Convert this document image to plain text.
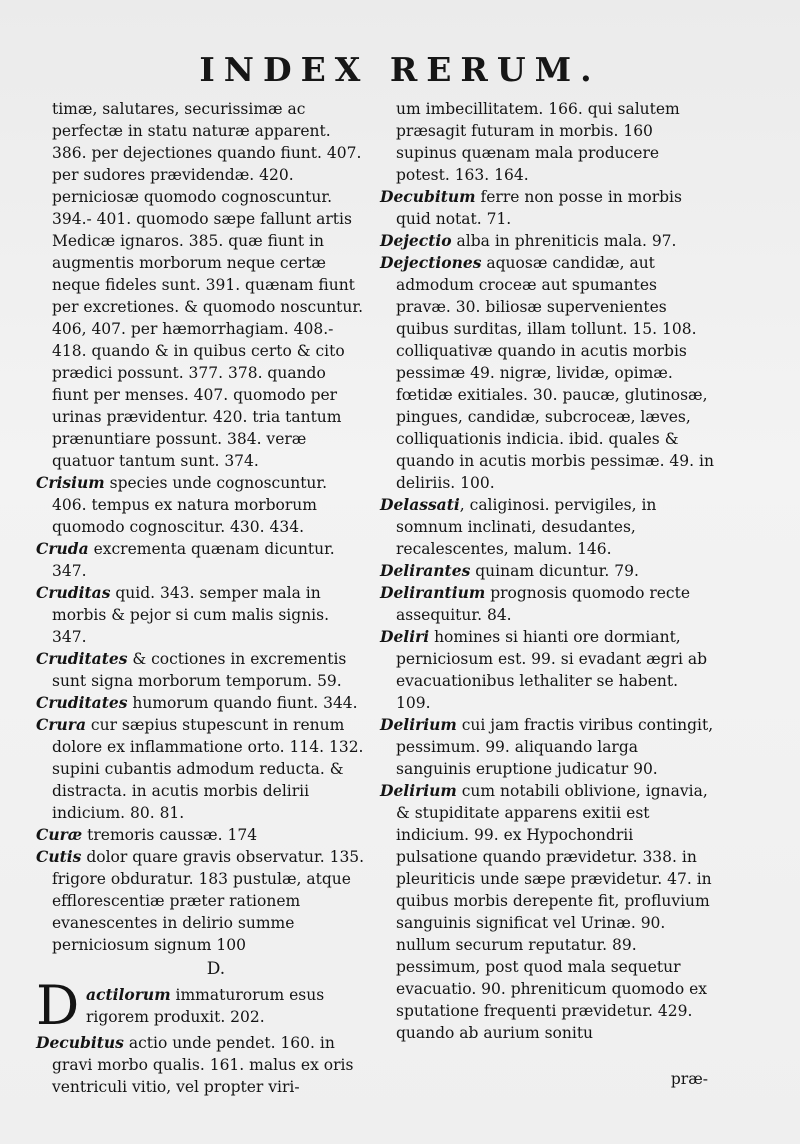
INDEX RERUM.

timæ, salutares, securissimæ ac perfectæ in statu naturæ apparent. 386. per dejectiones quando fiunt. 407. per sudores prævidendæ. 420. perniciosæ quomodo cognoscuntur. 394.- 401. quomodo sæpe fallunt artis Medicæ ignaros. 385. quæ fiunt in augmentis morborum neque certæ neque fideles sunt. 391. quænam fiunt per excretiones. & quomodo noscuntur. 406, 407. per hæmorrhagiam. 408.- 418. quando & in quibus certo & cito prædici possunt. 377. 378. quando fiunt per menses. 407. quomodo per urinas prævidentur. 420. tria tantum prænuntiare possunt. 384. veræ quatuor tantum sunt. 374.

Crisium species unde cognoscuntur. 406. tempus ex natura morborum quomodo cognoscitur. 430. 434.

Cruda excrementa quænam dicuntur. 347.

Cruditas quid. 343. semper mala in morbis & pejor si cum malis signis. 347.

Cruditates & coctiones in excrementis sunt signa morborum temporum. 59.

Cruditates humorum quando fiunt. 344.

Crura cur sæpius stupescunt in renum dolore ex inflammatione orto. 114. 132. supini cubantis admodum reducta. & distracta. in acutis morbis delirii indicium. 80. 81.

Curæ tremoris caussæ. 174

Cutis dolor quare gravis observatur. 135. frigore obduratur. 183 pustulæ, atque efflorescentiæ præter rationem evanescentes in delirio summe perniciosum signum 100

D.
D actilorum immaturorum esus rigorem produxit. 202.

Decubitus actio unde pendet. 160. in gravi morbo qualis. 161. malus ex oris ventriculi vitio, vel propter viri-

um imbecillitatem. 166. qui salutem præsagit futuram in morbis. 160 supinus quænam mala producere potest. 163. 164.

Decubitum ferre non posse in morbis quid notat. 71.

Dejectio alba in phreniticis mala. 97.

Dejectiones aquosæ candidæ, aut admodum croceæ aut spumantes pravæ. 30. biliosæ supervenientes quibus surditas, illam tollunt. 15. 108. colliquativæ quando in acutis morbis pessimæ 49. nigræ, lividæ, opimæ. fœtidæ exitiales. 30. paucæ, glutinosæ, pingues, candidæ, subcroceæ, læves, colliquationis indicia. ibid. quales & quando in acutis morbis pessimæ. 49. in deliriis. 100.

Delassati, caliginosi. pervigiles, in somnum inclinati, desudantes, recalescentes, malum. 146.

Delirantes quinam dicuntur. 79.

Delirantium prognosis quomodo recte assequitur. 84.

Deliri homines si hianti ore dormiant, perniciosum est. 99. si evadant ægri ab evacuationibus lethaliter se habent. 109.

Delirium cui jam fractis viribus contingit, pessimum. 99. aliquando larga sanguinis eruptione judicatur 90.

Delirium cum notabili oblivione, ignavia, & stupiditate apparens exitii est indicium. 99. ex Hypochondrii pulsatione quando prævidetur. 338. in pleuriticis unde sæpe prævidetur. 47. in quibus morbis derepente fit, profluvium sanguinis significat vel Urinæ. 90. nullum securum reputatur. 89. pessimum, post quod mala sequetur evacuatio. 90. phreniticum quomodo ex sputatione frequenti prævidetur. 429. quando ab aurium sonitu

præ-
